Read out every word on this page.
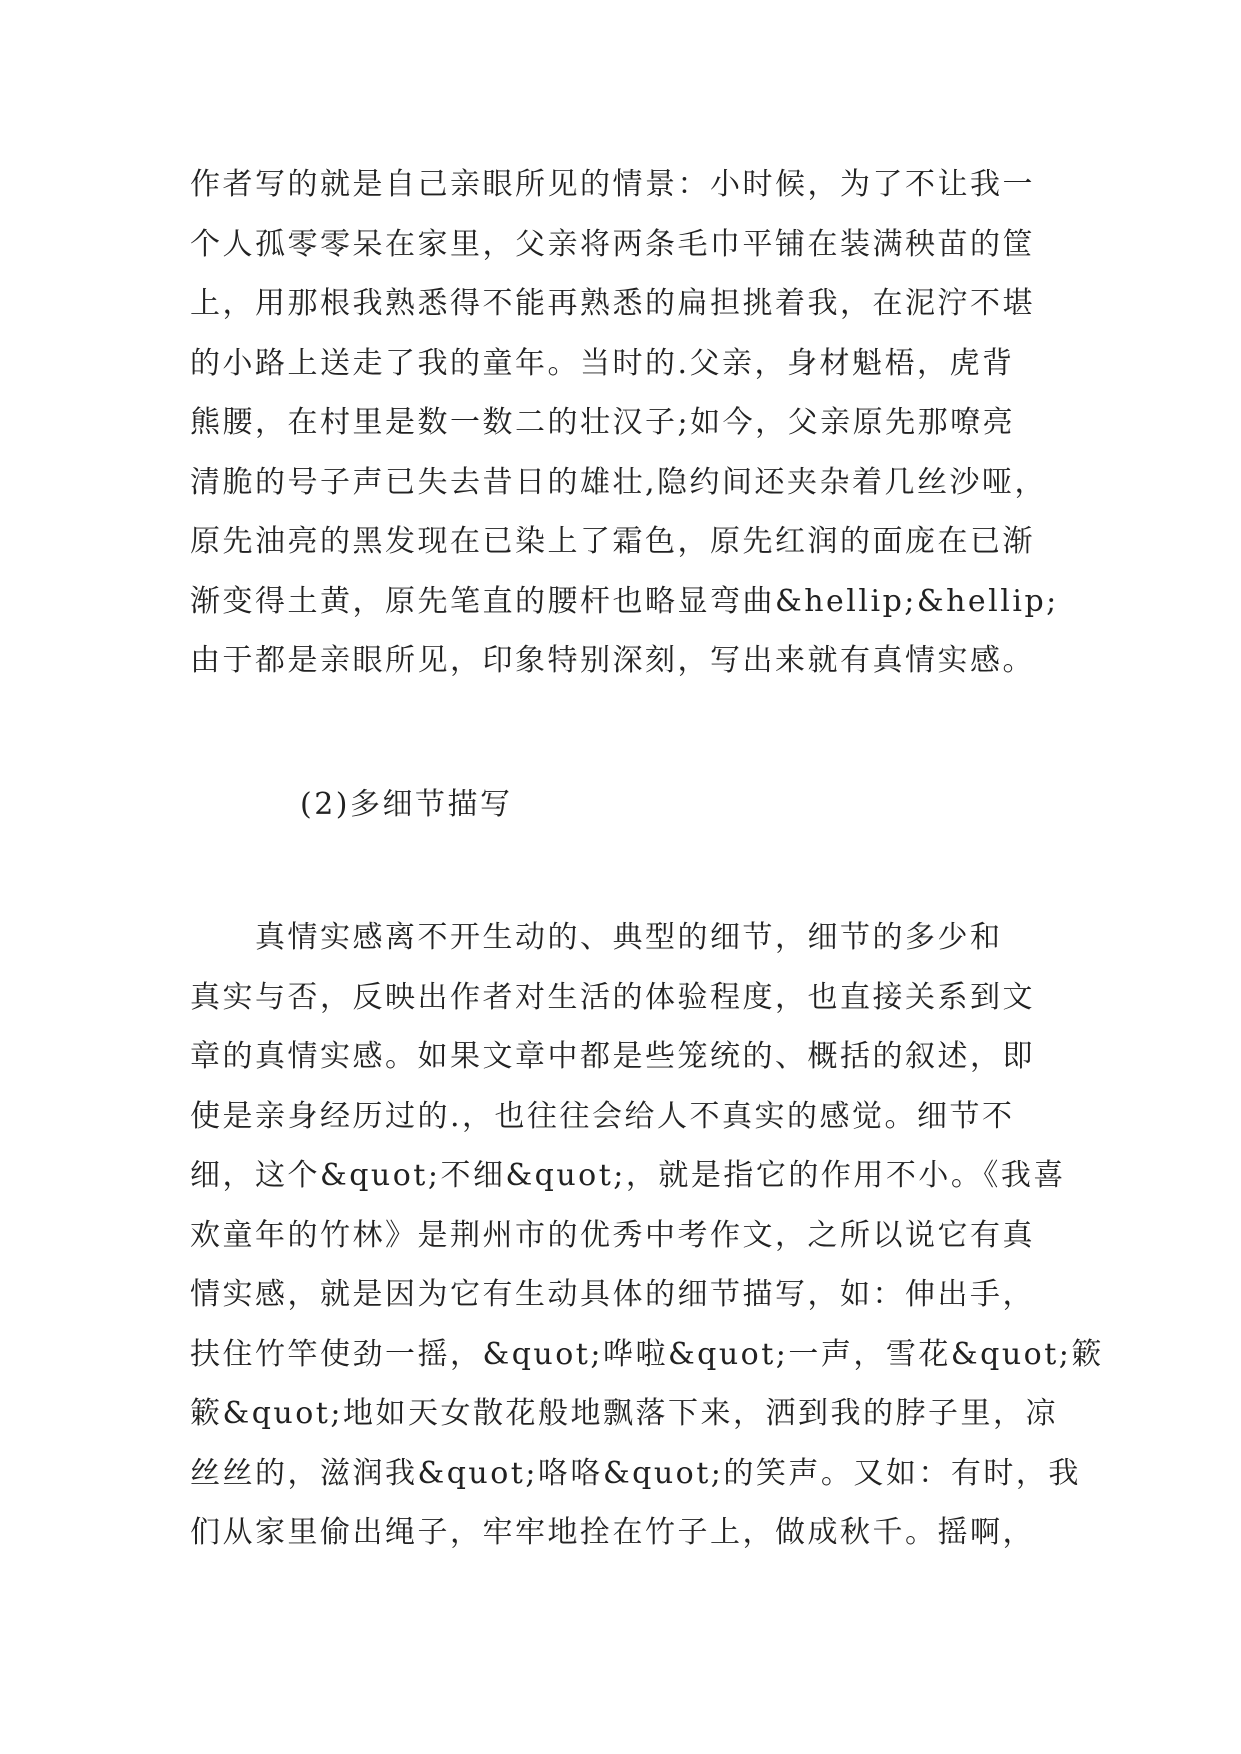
作者写的就是自己亲眼所见的情景：小时候，为了不让我一
个人孤零零呆在家里，父亲将两条毛巾平铺在装满秧苗的筐
上，用那根我熟悉得不能再熟悉的扁担挑着我，在泥泞不堪
的小路上送走了我的童年。当时的.父亲，身材魁梧，虎背
熊腰，在村里是数一数二的壮汉子;如今，父亲原先那嘹亮
清脆的号子声已失去昔日的雄壮,隐约间还夹杂着几丝沙哑，
原先油亮的黑发现在已染上了霜色，原先红润的面庞在已渐
渐变得土黄，原先笔直的腰杆也略显弯曲&hellip;&hellip;
由于都是亲眼所见，印象特别深刻，写出来就有真情实感。
(2)多细节描写
　　真情实感离不开生动的、典型的细节，细节的多少和
真实与否，反映出作者对生活的体验程度，也直接关系到文
章的真情实感。如果文章中都是些笼统的、概括的叙述，即
使是亲身经历过的.，也往往会给人不真实的感觉。细节不
细，这个&quot;不细&quot;，就是指它的作用不小。《我喜
欢童年的竹林》是荆州市的优秀中考作文，之所以说它有真
情实感，就是因为它有生动具体的细节描写，如：伸出手，
扶住竹竿使劲一摇，&quot;哗啦&quot;一声，雪花&quot;簌
簌&quot;地如天女散花般地飘落下来，洒到我的脖子里，凉
丝丝的，滋润我&quot;咯咯&quot;的笑声。又如：有时，我
们从家里偷出绳子，牢牢地拴在竹子上，做成秋千。摇啊，
